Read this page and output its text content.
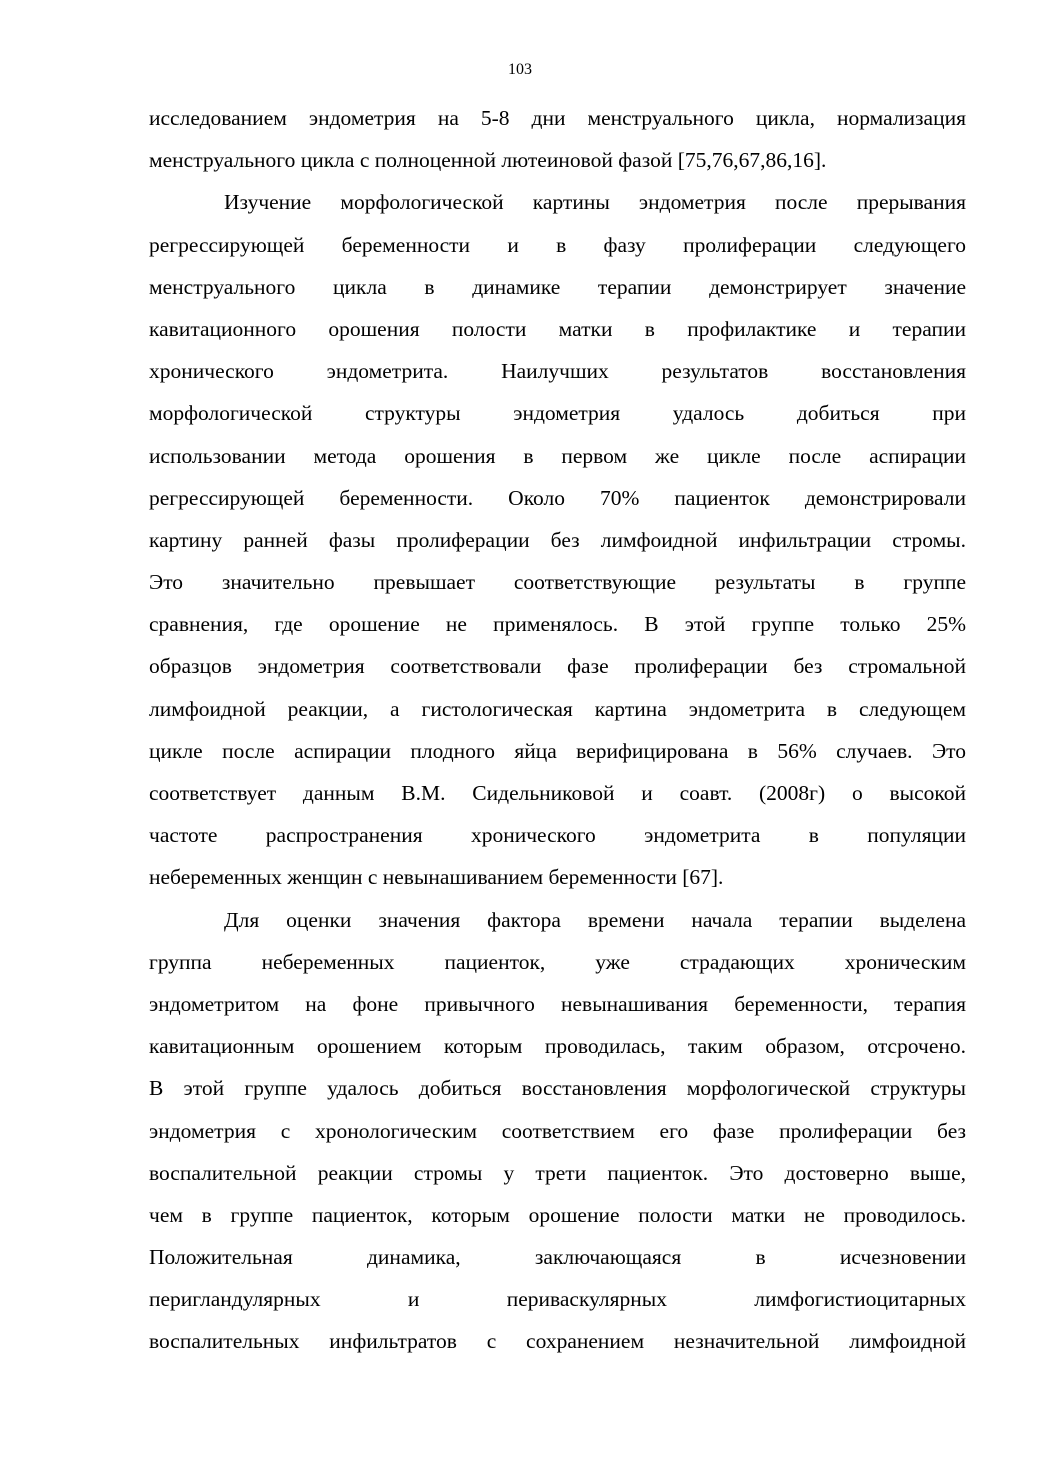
103
исследованием эндометрия на 5-8 дни менструального цикла, нормализация
менструального цикла с полноценной лютеиновой фазой [75,76,67,86,16].
Изучение морфологической картины эндометрия после прерывания
регрессирующей беременности и в фазу пролиферации следующего
менструального цикла в динамике терапии демонстрирует значение
кавитационного орошения полости матки в профилактике и терапии
хронического эндометрита. Наилучших результатов восстановления
морфологической структуры эндометрия удалось добиться при
использовании метода орошения в первом же цикле после аспирации
регрессирующей беременности. Около 70% пациенток демонстрировали
картину ранней фазы пролиферации без лимфоидной инфильтрации стромы.
Это значительно превышает соответствующие результаты в группе
сравнения, где орошение не применялось. В этой группе только 25%
образцов эндометрия соответствовали фазе пролиферации без стромальной
лимфоидной реакции, а гистологическая картина эндометрита в следующем
цикле после аспирации плодного яйца верифицирована в 56% случаев. Это
соответствует данным В.М. Сидельниковой и соавт. (2008г) о высокой
частоте распространения хронического эндометрита в популяции
небеременных женщин с невынашиванием беременности [67].
Для оценки значения фактора времени начала терапии выделена
группа небеременных пациенток, уже страдающих хроническим
эндометритом на фоне привычного невынашивания беременности, терапия
кавитационным орошением которым проводилась, таким образом, отсрочено.
В этой группе удалось добиться восстановления морфологической структуры
эндометрия с хронологическим соответствием его фазе пролиферации без
воспалительной реакции стромы у трети пациенток. Это достоверно выше,
чем в группе пациенток, которым орошение полости матки не проводилось.
Положительная динамика, заключающаяся в исчезновении
перигландулярных и периваскулярных лимфогистиоцитарных
воспалительных инфильтратов с сохранением незначительной лимфоидной
